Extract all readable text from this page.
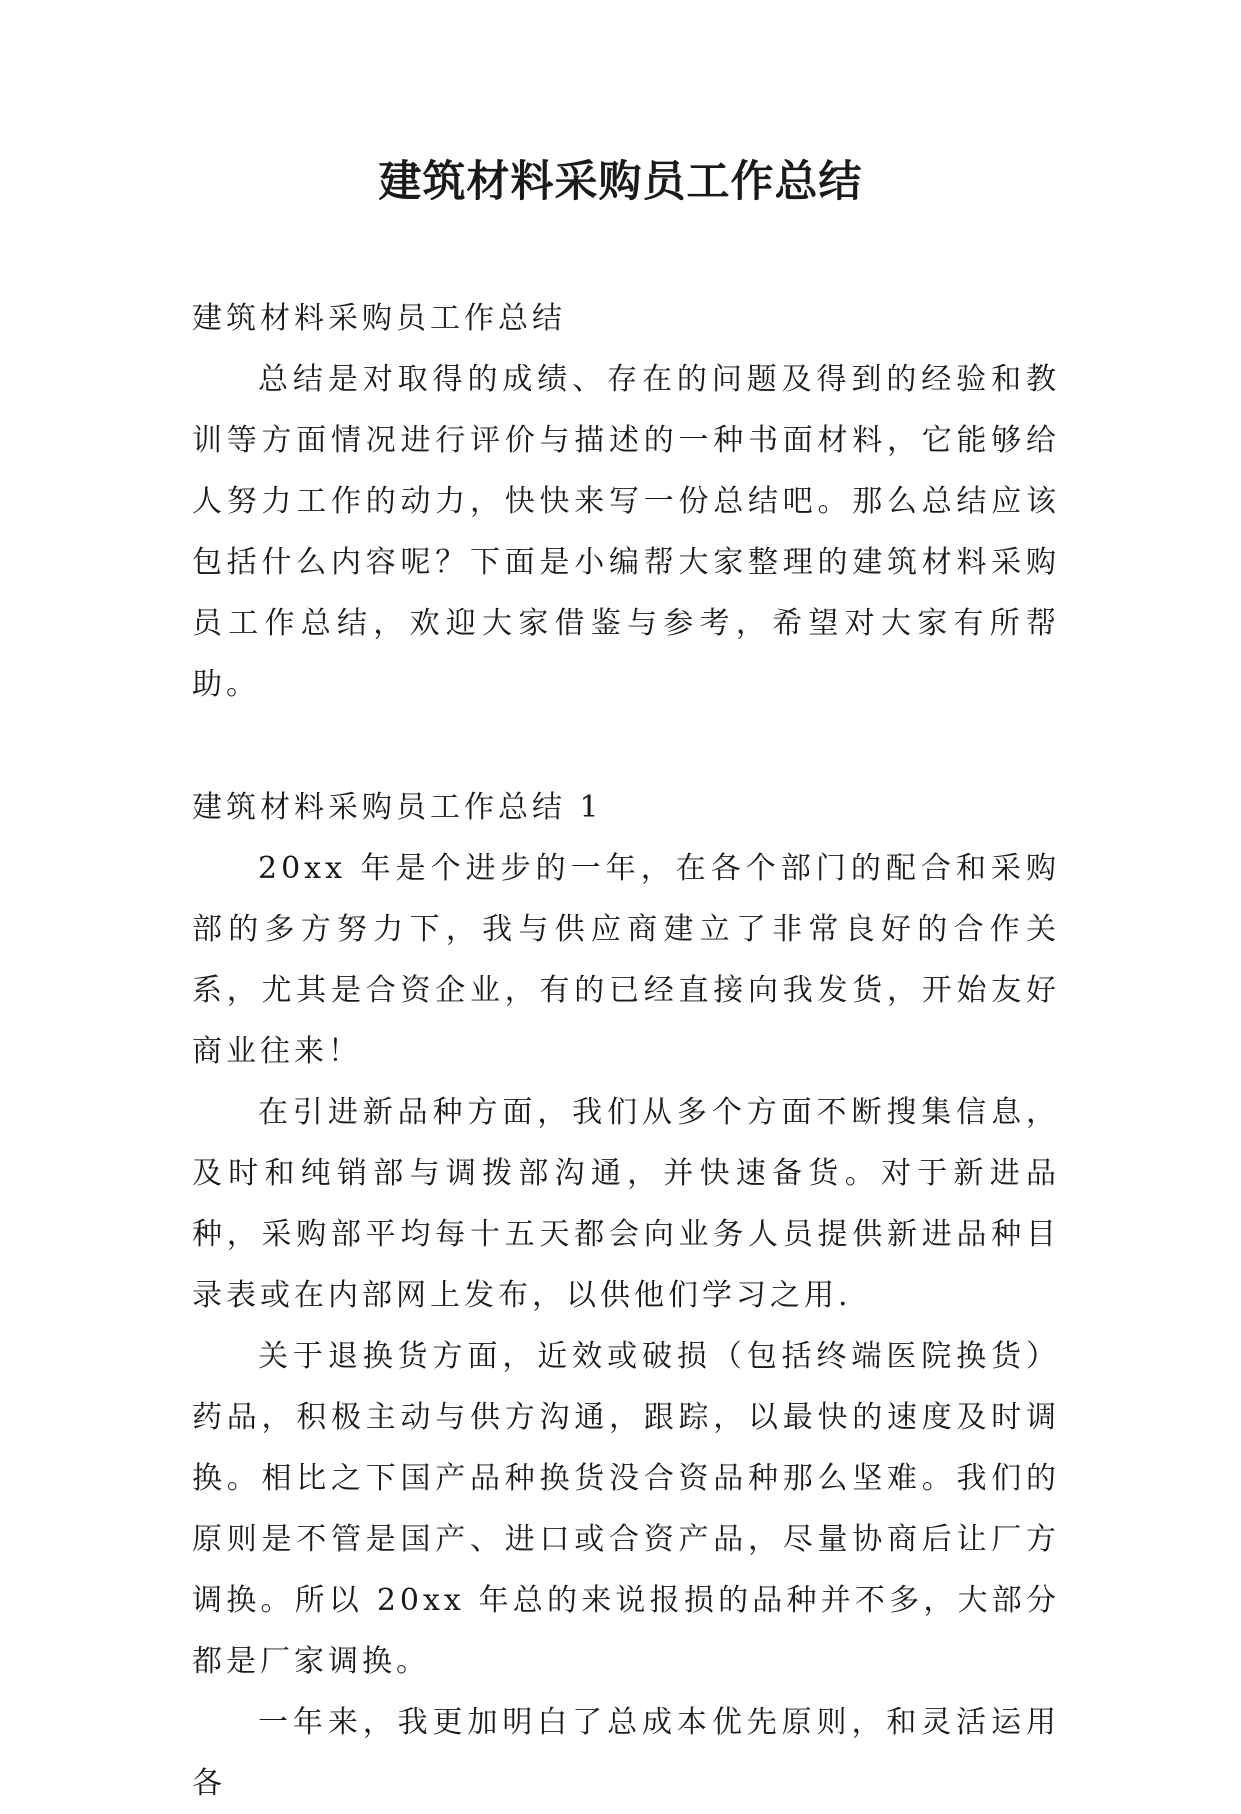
建筑材料采购员工作总结

建筑材料采购员工作总结

总结是对取得的成绩、存在的问题及得到的经验和教训等方面情况进行评价与描述的一种书面材料，它能够给人努力工作的动力，快快来写一份总结吧。那么总结应该包括什么内容呢？下面是小编帮大家整理的建筑材料采购员工作总结，欢迎大家借鉴与参考，希望对大家有所帮助。

建筑材料采购员工作总结 1

20xx 年是个进步的一年，在各个部门的配合和采购部的多方努力下，我与供应商建立了非常良好的合作关系，尤其是合资企业，有的已经直接向我发货，开始友好商业往来！

在引进新品种方面，我们从多个方面不断搜集信息，及时和纯销部与调拨部沟通，并快速备货。对于新进品种，采购部平均每十五天都会向业务人员提供新进品种目录表或在内部网上发布，以供他们学习之用.

关于退换货方面，近效或破损（包括终端医院换货）药品，积极主动与供方沟通，跟踪，以最快的速度及时调换。相比之下国产品种换货没合资品种那么坚难。我们的原则是不管是国产、进口或合资产品，尽量协商后让厂方调换。所以 20xx 年总的来说报损的品种并不多，大部分都是厂家调换。

一年来，我更加明白了总成本优先原则，和灵活运用各
